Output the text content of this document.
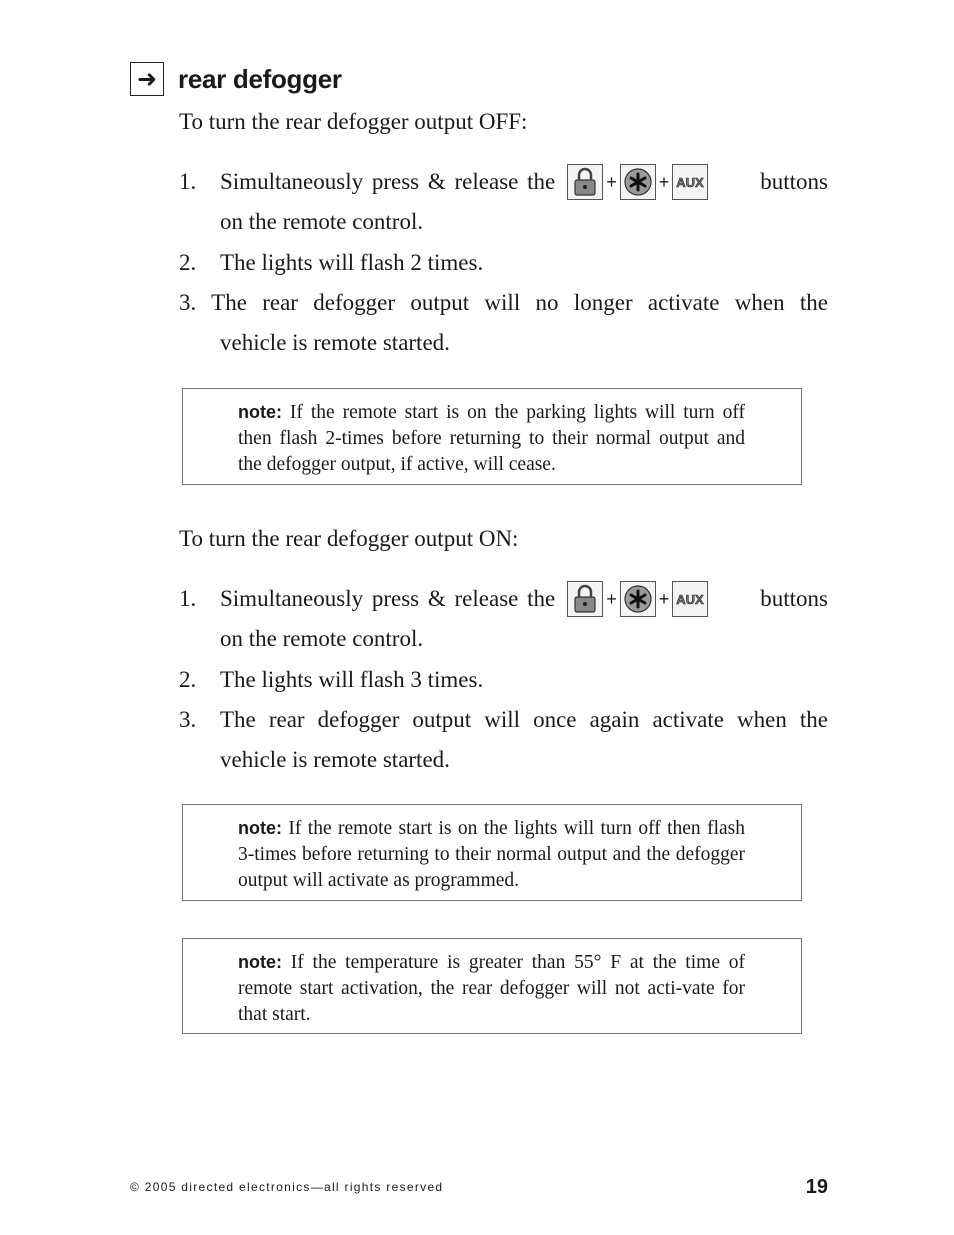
➜ rear defogger
To turn the rear defogger output OFF:
1. Simultaneously press & release the	+ + AUX buttons
on the remote control.
2. The lights will flash 2 times.
3. The rear defogger output will no longer activate when the
vehicle is remote started.
note: If the remote start is on the parking lights will turn off then flash 2-times before returning to their normal output and the defogger output, if active, will cease.
To turn the rear defogger output ON:
1. Simultaneously press & release the	+ + AUX buttons
on the remote control.
2. The lights will flash 3 times.
3. The rear defogger output will once again activate when the vehicle is remote started.
note: If the remote start is on the lights will turn off then flash 3-times before returning to their normal output and the defogger output will activate as programmed.
note: If the temperature is greater than 55° F at the time of remote start activation, the rear defogger will not acti-vate for that start.
© 2005 directed electronics—all rights reserved	19
